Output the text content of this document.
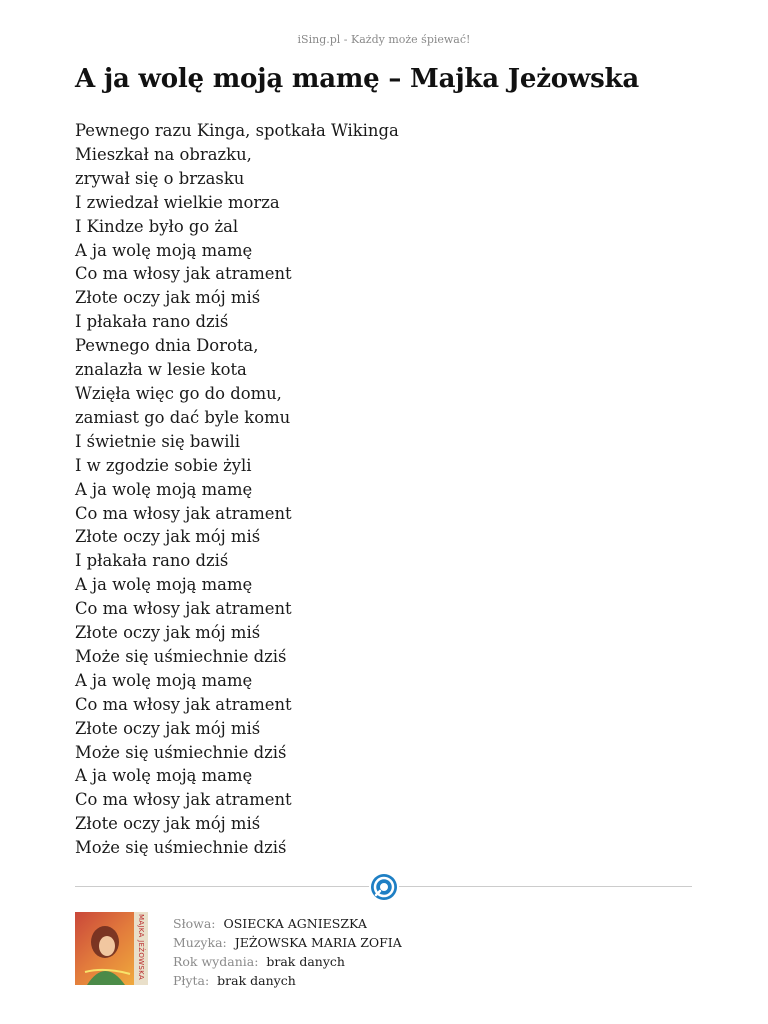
iSing.pl - Każdy może śpiewać!
A ja wolę moją mamę – Majka Jeżowska
Pewnego razu Kinga, spotkała Wikinga
Mieszkał na obrazku,
zrywał się o brzasku
I zwiedzał wielkie morza
I Kindze było go żal
A ja wolę moją mamę
Co ma włosy jak atrament
Złote oczy jak mój miś
I płakała rano dziś
Pewnego dnia Dorota,
znalazła w lesie kota
Wzięła więc go do domu,
zamiast go dać byle komu
I świetnie się bawili
I w zgodzie sobie żyli
A ja wolę moją mamę
Co ma włosy jak atrament
Złote oczy jak mój miś
I płakała rano dziś
A ja wolę moją mamę
Co ma włosy jak atrament
Złote oczy jak mój miś
Może się uśmiechnie dziś
A ja wolę moją mamę
Co ma włosy jak atrament
Złote oczy jak mój miś
Może się uśmiechnie dziś
A ja wolę moją mamę
Co ma włosy jak atrament
Złote oczy jak mój miś
Może się uśmiechnie dziś
MAJKA JEŻOWSKA Słowa: OSIECKA AGNIESZKA
Muzyka: JEŻOWSKA MARIA ZOFIA
Rok wydania: brak danych
Płyta: brak danych
